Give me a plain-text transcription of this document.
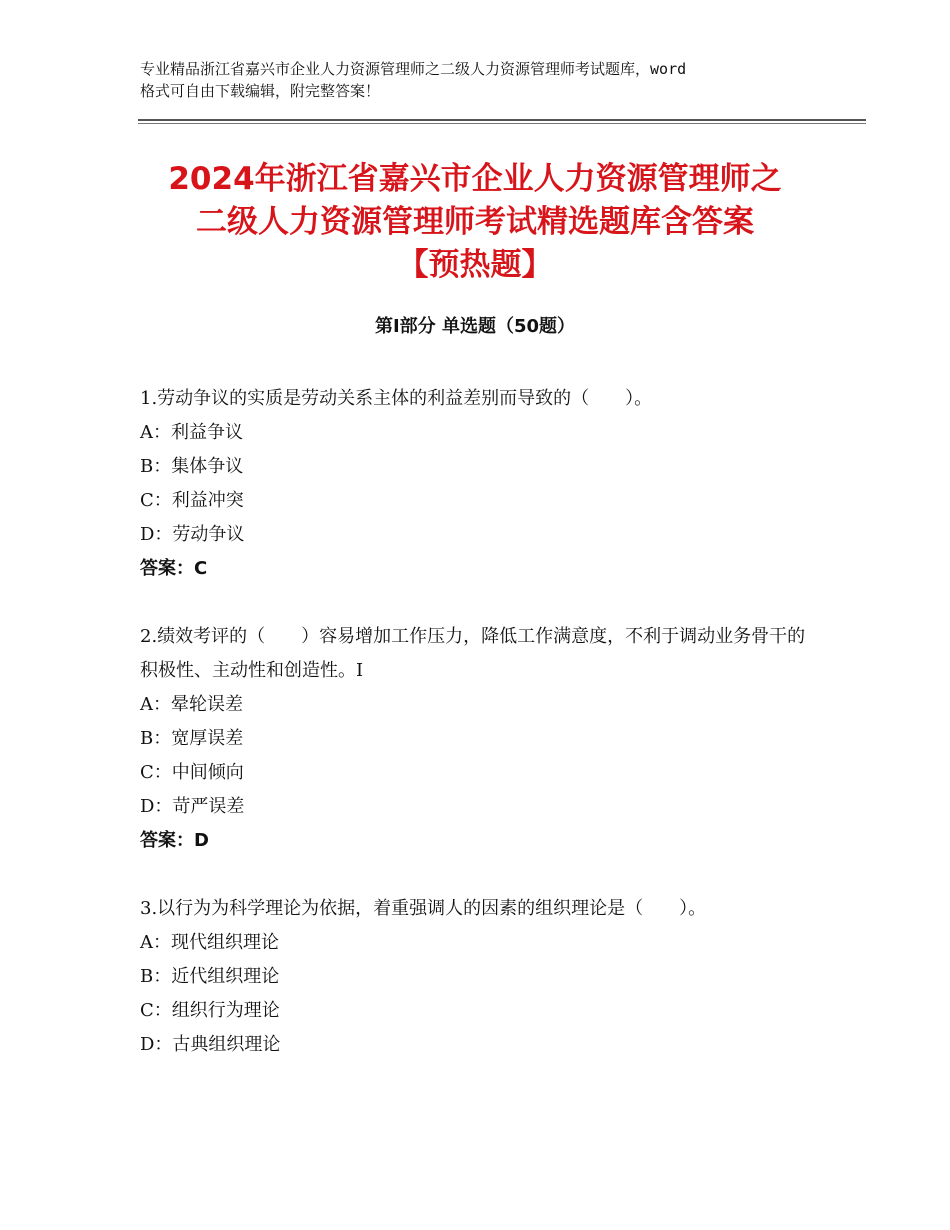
专业精品浙江省嘉兴市企业人力资源管理师之二级人力资源管理师考试题库，word
格式可自由下载编辑，附完整答案！
2024年浙江省嘉兴市企业人力资源管理师之
二级人力资源管理师考试精选题库含答案
【预热题】
第Ⅰ部分 单选题（50题）
1.劳动争议的实质是劳动关系主体的利益差别而导致的（　　）。
A：利益争议
B：集体争议
C：利益冲突
D：劳动争议
答案：C
2.绩效考评的（　　）容易增加工作压力，降低工作满意度，不利于调动业务骨干的积极性、主动性和创造性。I
A：晕轮误差
B：宽厚误差
C：中间倾向
D：苛严误差
答案：D
3.以行为为科学理论为依据，着重强调人的因素的组织理论是（　　）。
A：现代组织理论
B：近代组织理论
C：组织行为理论
D：古典组织理论
